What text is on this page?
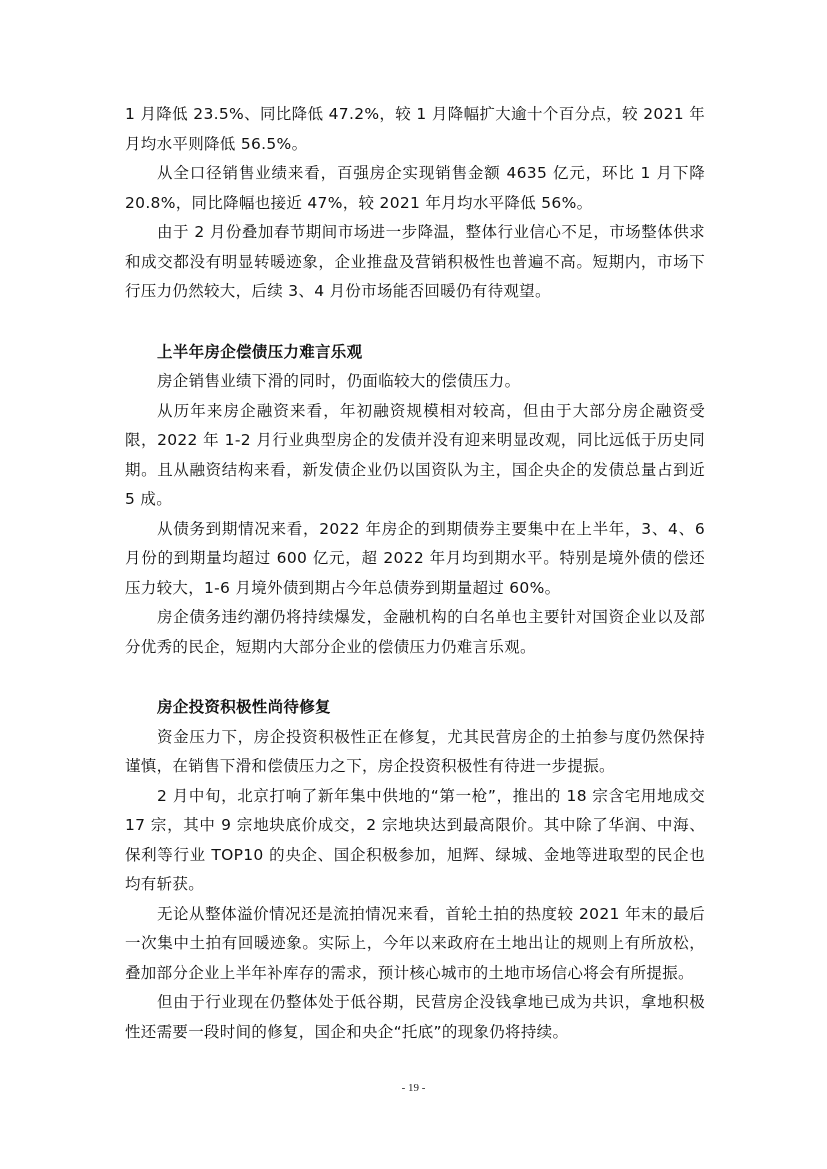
1 月降低 23.5%、同比降低 47.2%，较 1 月降幅扩大逾十个百分点，较 2021 年月均水平则降低 56.5%。

从全口径销售业绩来看，百强房企实现销售金额 4635 亿元，环比 1 月下降 20.8%，同比降幅也接近 47%，较 2021 年月均水平降低 56%。

由于 2 月份叠加春节期间市场进一步降温，整体行业信心不足，市场整体供求和成交都没有明显转暖迹象，企业推盘及营销积极性也普遍不高。短期内，市场下行压力仍然较大，后续 3、4 月份市场能否回暖仍有待观望。

上半年房企偿债压力难言乐观

房企销售业绩下滑的同时，仍面临较大的偿债压力。

从历年来房企融资来看，年初融资规模相对较高，但由于大部分房企融资受限，2022 年 1-2 月行业典型房企的发债并没有迎来明显改观，同比远低于历史同期。且从融资结构来看，新发债企业仍以国资队为主，国企央企的发债总量占到近 5 成。

从债务到期情况来看，2022 年房企的到期债券主要集中在上半年，3、4、6 月份的到期量均超过 600 亿元，超 2022 年月均到期水平。特别是境外债的偿还压力较大，1-6 月境外债到期占今年总债券到期量超过 60%。

房企债务违约潮仍将持续爆发，金融机构的白名单也主要针对国资企业以及部分优秀的民企，短期内大部分企业的偿债压力仍难言乐观。

房企投资积极性尚待修复

资金压力下，房企投资积极性正在修复，尤其民营房企的土拍参与度仍然保持谨慎，在销售下滑和偿债压力之下，房企投资积极性有待进一步提振。

2 月中旬，北京打响了新年集中供地的“第一枪”，推出的 18 宗含宅用地成交 17 宗，其中 9 宗地块底价成交，2 宗地块达到最高限价。其中除了华润、中海、保利等行业 TOP10 的央企、国企积极参加，旭辉、绿城、金地等进取型的民企也均有斩获。

无论从整体溢价情况还是流拍情况来看，首轮土拍的热度较 2021 年末的最后一次集中土拍有回暖迹象。实际上，今年以来政府在土地出让的规则上有所放松，叠加部分企业上半年补库存的需求，预计核心城市的土地市场信心将会有所提振。

但由于行业现在仍整体处于低谷期，民营房企没钱拿地已成为共识，拿地积极性还需要一段时间的修复，国企和央企“托底”的现象仍将持续。

- 19 -
